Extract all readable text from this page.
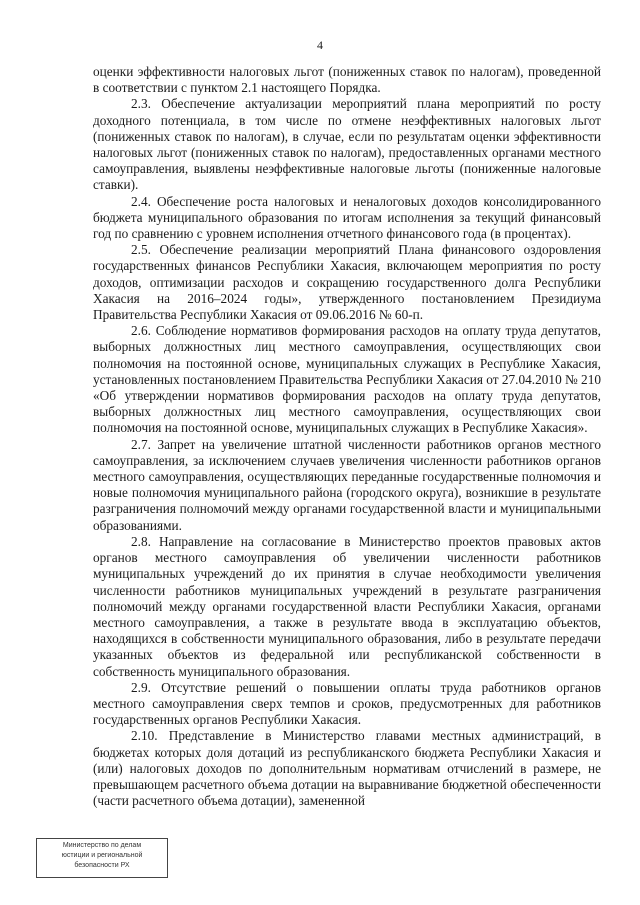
4

оценки эффективности налоговых льгот (пониженных ставок по налогам), проведенной в соответствии с пунктом 2.1 настоящего Порядка.

2.3. Обеспечение актуализации мероприятий плана мероприятий по росту доходного потенциала, в том числе по отмене неэффективных налоговых льгот (пониженных ставок по налогам), в случае, если по результатам оценки эффективности налоговых льгот (пониженных ставок по налогам), предоставленных органами местного самоуправления, выявлены неэффективные налоговые льготы (пониженные налоговые ставки).

2.4. Обеспечение роста налоговых и неналоговых доходов консолидированного бюджета муниципального образования по итогам исполнения за текущий финансовый год по сравнению с уровнем исполнения отчетного финансового года (в процентах).

2.5. Обеспечение реализации мероприятий Плана финансового оздоровления государственных финансов Республики Хакасия, включающем мероприятия по росту доходов, оптимизации расходов и сокращению государственного долга Республики Хакасия на 2016–2024 годы», утвержденного постановлением Президиума Правительства Республики Хакасия от 09.06.2016 № 60-п.

2.6. Соблюдение нормативов формирования расходов на оплату труда депутатов, выборных должностных лиц местного самоуправления, осуществляющих свои полномочия на постоянной основе, муниципальных служащих в Республике Хакасия, установленных постановлением Правительства Республики Хакасия от 27.04.2010 № 210 «Об утверждении нормативов формирования расходов на оплату труда депутатов, выборных должностных лиц местного самоуправления, осуществляющих свои полномочия на постоянной основе, муниципальных служащих в Республике Хакасия».

2.7. Запрет на увеличение штатной численности работников органов местного самоуправления, за исключением случаев увеличения численности работников органов местного самоуправления, осуществляющих переданные государственные полномочия и новые полномочия муниципального района (городского округа), возникшие в результате разграничения полномочий между органами государственной власти и муниципальными образованиями.

2.8. Направление на согласование в Министерство проектов правовых актов органов местного самоуправления об увеличении численности работников муниципальных учреждений до их принятия в случае необходимости увеличения численности работников муниципальных учреждений в результате разграничения полномочий между органами государственной власти Республики Хакасия, органами местного самоуправления, а также в результате ввода в эксплуатацию объектов, находящихся в собственности муниципального образования, либо в результате передачи указанных объектов из федеральной или республиканской собственности в собственность муниципального образования.

2.9. Отсутствие решений о повышении оплаты труда работников органов местного самоуправления сверх темпов и сроков, предусмотренных для работников государственных органов Республики Хакасия.

2.10. Представление в Министерство главами местных администраций, в бюджетах которых доля дотаций из республиканского бюджета Республики Хакасия и (или) налоговых доходов по дополнительным нормативам отчислений в размере, не превышающем расчетного объема дотации на выравнивание бюджетной обеспеченности (части расчетного объема дотации), замененной

Министерство по делам
юстиции и региональной
безопасности РХ
